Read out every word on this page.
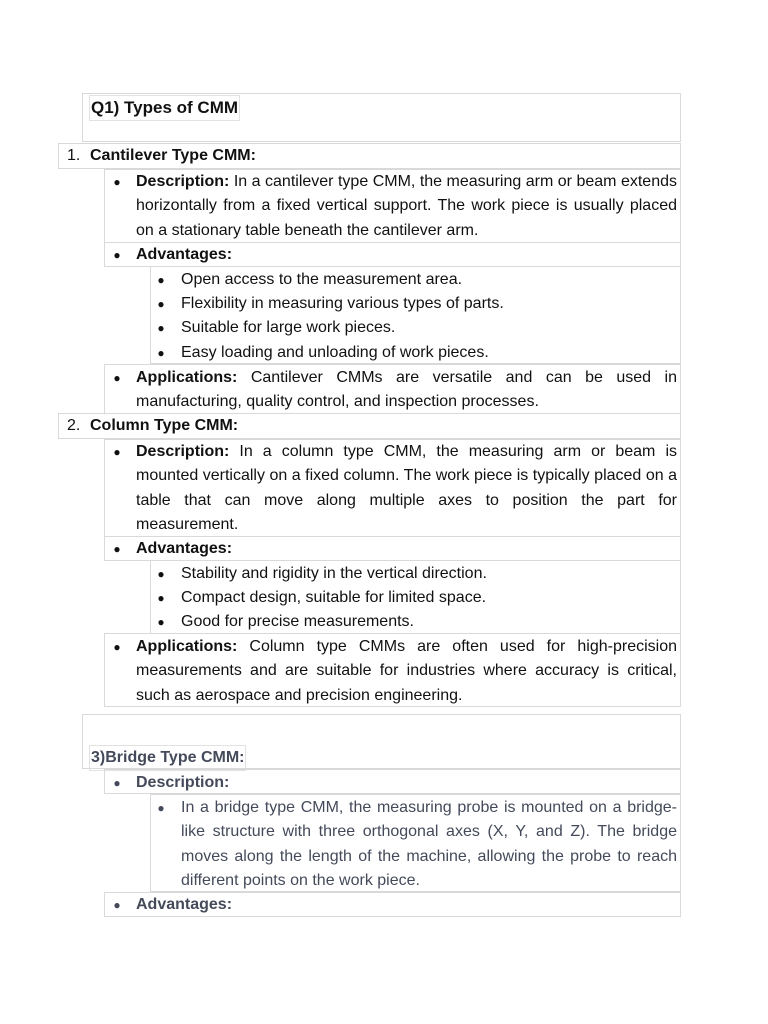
Q1) Types of CMM
1. Cantilever Type CMM:
● Description: In a cantilever type CMM, the measuring arm or beam extends horizontally from a fixed vertical support. The work piece is usually placed on a stationary table beneath the cantilever arm.
● Advantages:
● Open access to the measurement area.
● Flexibility in measuring various types of parts.
● Suitable for large work pieces.
● Easy loading and unloading of work pieces.
● Applications: Cantilever CMMs are versatile and can be used in manufacturing, quality control, and inspection processes.
2. Column Type CMM:
● Description: In a column type CMM, the measuring arm or beam is mounted vertically on a fixed column. The work piece is typically placed on a table that can move along multiple axes to position the part for measurement.
● Advantages:
● Stability and rigidity in the vertical direction.
● Compact design, suitable for limited space.
● Good for precise measurements.
● Applications: Column type CMMs are often used for high-precision measurements and are suitable for industries where accuracy is critical, such as aerospace and precision engineering.
3)Bridge Type CMM:
● Description:
● In a bridge type CMM, the measuring probe is mounted on a bridge-like structure with three orthogonal axes (X, Y, and Z). The bridge moves along the length of the machine, allowing the probe to reach different points on the work piece.
● Advantages:
